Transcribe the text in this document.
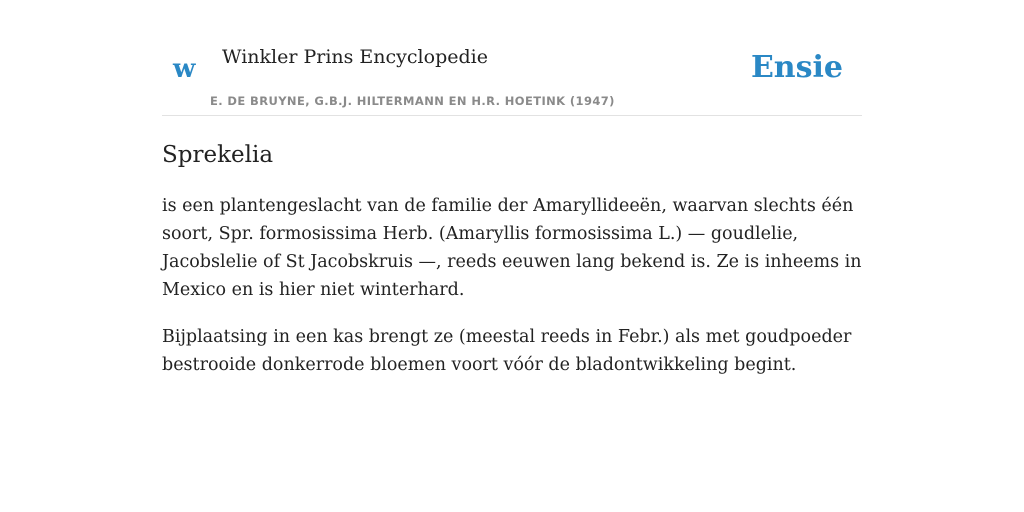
w Winkler Prins Encyclopedie
E. DE BRUYNE, G.B.J. HILTERMANN EN H.R. HOETINK (1947)
Ensie
Sprekelia

is een plantengeslacht van de familie der Amaryllideeën, waarvan slechts één soort, Spr. formosissima Herb. (Amaryllis formosissima L.) — goudlelie, Jacobslelie of St Jacobskruis —, reeds eeuwen lang bekend is. Ze is inheems in Mexico en is hier niet winterhard.

Bijplaatsing in een kas brengt ze (meestal reeds in Febr.) als met goudpoeder bestrooide donkerrode bloemen voort vóór de bladontwikkeling begint.
